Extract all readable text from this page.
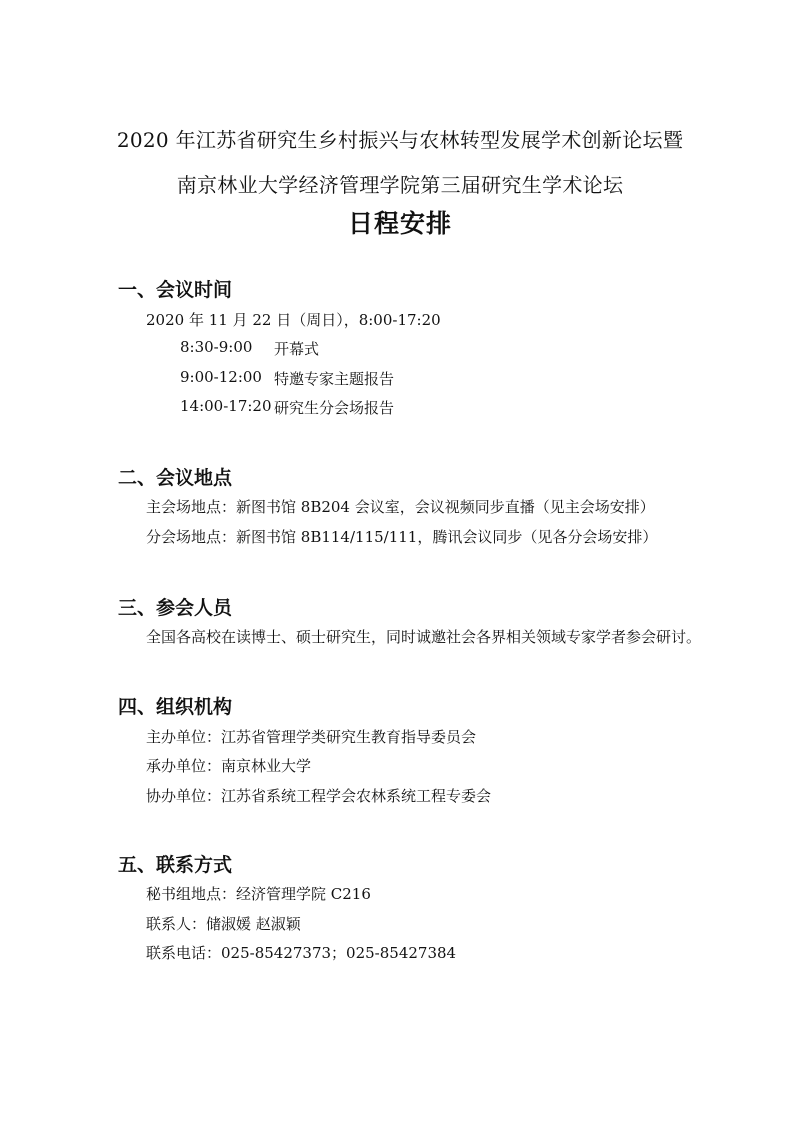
2020 年江苏省研究生乡村振兴与农林转型发展学术创新论坛暨
南京林业大学经济管理学院第三届研究生学术论坛
日程安排
一、会议时间
2020 年 11 月 22 日（周日），8:00-17:20
8:30-9:00 开幕式
9:00-12:00 特邀专家主题报告
14:00-17:20 研究生分会场报告
二、会议地点
主会场地点：新图书馆 8B204 会议室，会议视频同步直播（见主会场安排）
分会场地点：新图书馆 8B114/115/111，腾讯会议同步（见各分会场安排）
三、参会人员
全国各高校在读博士、硕士研究生，同时诚邀社会各界相关领域专家学者参会研讨。
四、组织机构
主办单位：江苏省管理学类研究生教育指导委员会
承办单位：南京林业大学
协办单位：江苏省系统工程学会农林系统工程专委会
五、联系方式
秘书组地点：经济管理学院 C216
联系人：储淑媛 赵淑颖
联系电话：025-85427373；025-85427384
